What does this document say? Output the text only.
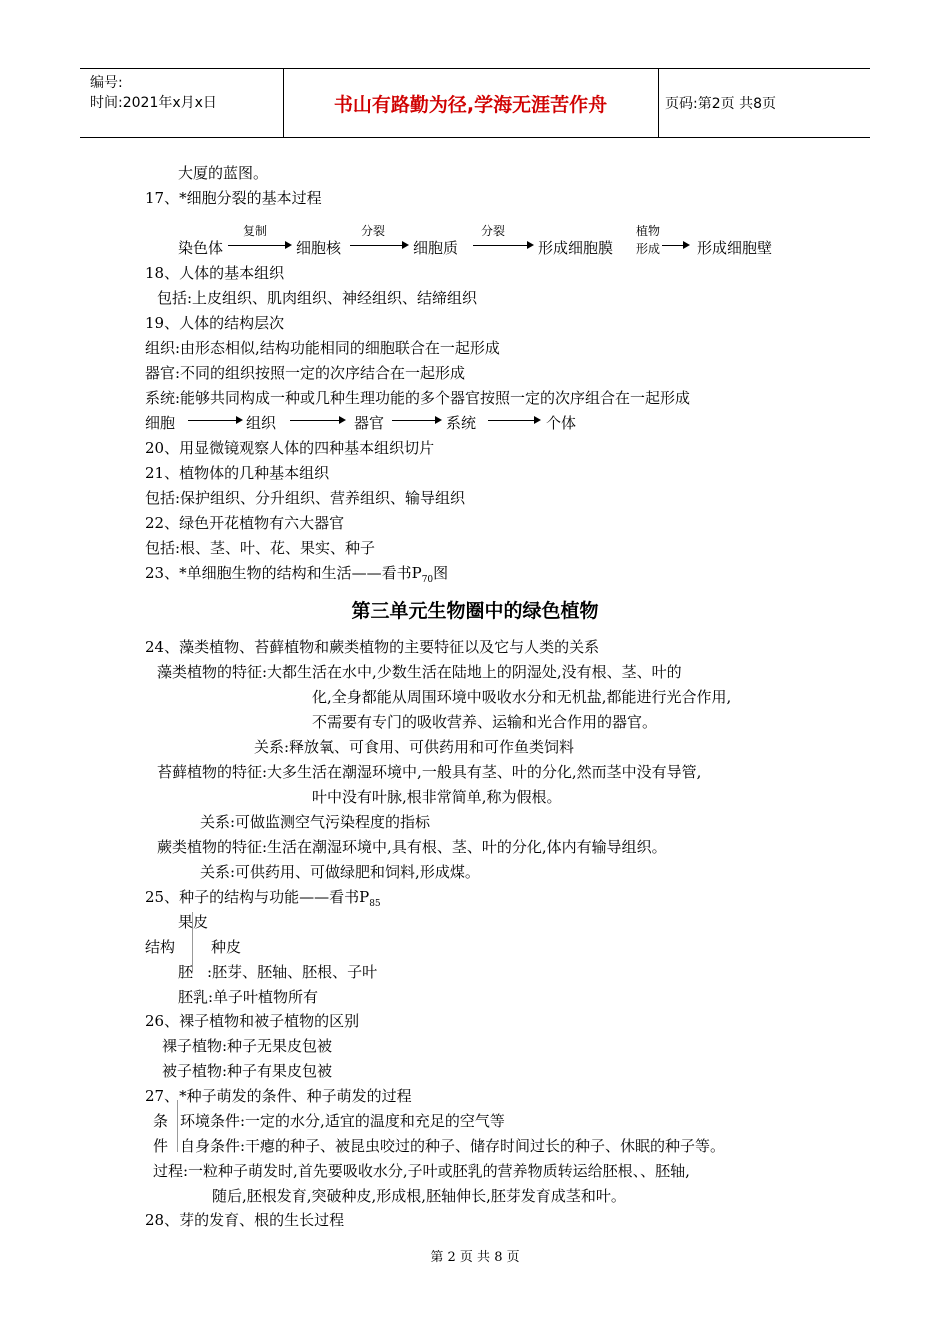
编号:
时间:2021年x月x日	书山有路勤为径,学海无涯苦作舟	页码:第2页 共8页
大厦的蓝图。
17、*细胞分裂的基本过程
染色体
复制
细胞核
分裂
细胞质
分裂
形成细胞膜
植物
形成 形成细胞壁
18、人体的基本组织
包括:上皮组织、肌肉组织、神经组织、结缔组织
19、人体的结构层次
组织:由形态相似,结构功能相同的细胞联合在一起形成
器官:不同的组织按照一定的次序结合在一起形成
系统:能够共同构成一种或几种生理功能的多个器官按照一定的次序组合在一起形成
细胞	组织	器官	系统	个体
20、用显微镜观察人体的四种基本组织切片
21、植物体的几种基本组织
包括:保护组织、分升组织、营养组织、输导组织
22、绿色开花植物有六大器官
包括:根、茎、叶、花、果实、种子
23、*单细胞生物的结构和生活——看书$P_{70}$图
第三单元生物圈中的绿色植物
24、藻类植物、苔藓植物和蕨类植物的主要特征以及它与人类的关系
藻类植物的特征:大都生活在水中,少数生活在陆地上的阴湿处,没有根、茎、叶的
化,全身都能从周围环境中吸收水分和无机盐,都能进行光合作用,
不需要有专门的吸收营养、运输和光合作用的器官。
关系:释放氧、可食用、可供药用和可作鱼类饲料
苔藓植物的特征:大多生活在潮湿环境中,一般具有茎、叶的分化,然而茎中没有导管,
叶中没有叶脉,根非常简单,称为假根。
关系:可做监测空气污染程度的指标
蕨类植物的特征:生活在潮湿环境中,具有根、茎、叶的分化,体内有输导组织。
关系:可供药用、可做绿肥和饲料,形成煤。
25、种子的结构与功能——看书$P_{85}$
果皮
结构 种皮
胚 :胚芽、胚轴、胚根、子叶
胚乳:单子叶植物所有
26、裸子植物和被子植物的区别
裸子植物:种子无果皮包被
被子植物:种子有果皮包被
27、*种子萌发的条件、种子萌发的过程
条 环境条件:一定的水分,适宜的温度和充足的空气等
件 自身条件:干瘪的种子、被昆虫咬过的种子、储存时间过长的种子、休眠的种子等。
过程:一粒种子萌发时,首先要吸收水分,子叶或胚乳的营养物质转运给胚根、、胚轴,
随后,胚根发育,突破种皮,形成根,胚轴伸长,胚芽发育成茎和叶。
28、芽的发育、根的生长过程
第 2 页 共 8 页
